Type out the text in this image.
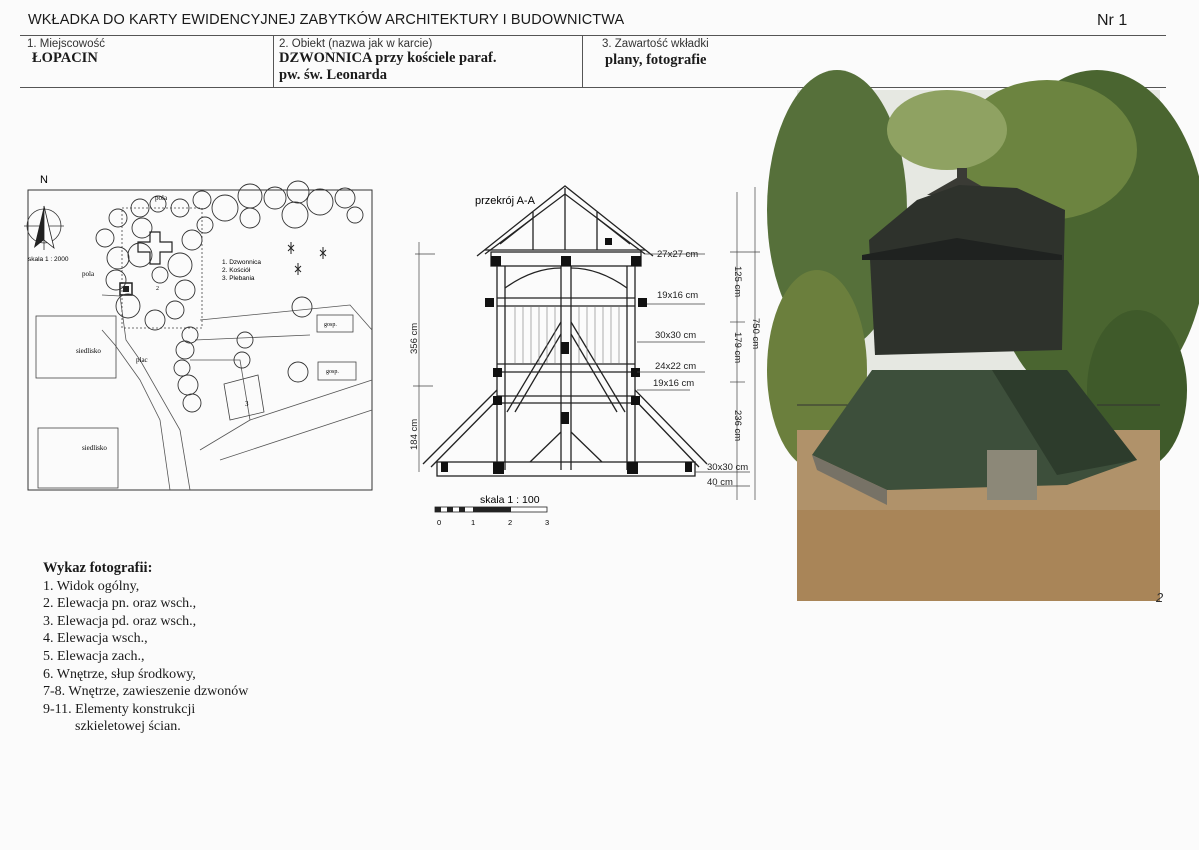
WKŁADKA DO KARTY EWIDENCYJNEJ ZABYTKÓW ARCHITEKTURY I BUDOWNICTWA	Nr 1
1. Miejscowość
ŁOPACIN
2. Obiekt (nazwa jak w karcie)
DZWONNICA przy kościele paraf.
pw. św. Leonarda
3. Zawartość wkładki
plany, fotografie
N
skala 1 : 2000	1. Dzwonnica
2. Kościół
3. Plebania
pola
pola
siedlisko
plac
siedlisko
gosp.
gosp.
3
2
przekrój A-A
27x27 cm
19x16 cm
30x30 cm
24x22 cm
19x16 cm
30x30 cm
40 cm
125 cm
179 cm
236 cm
750 cm
356 cm
184 cm
skala 1 : 100
0	1	2	3
2
Wykaz fotografii:
1. Widok ogólny,
2. Elewacja pn. oraz wsch.,
3. Elewacja pd. oraz wsch.,
4. Elewacja wsch.,
5. Elewacja zach.,
6. Wnętrze, słup środkowy,
7-8. Wnętrze, zawieszenie dzwonów
9-11. Elementy konstrukcji
szkieletowej ścian.
